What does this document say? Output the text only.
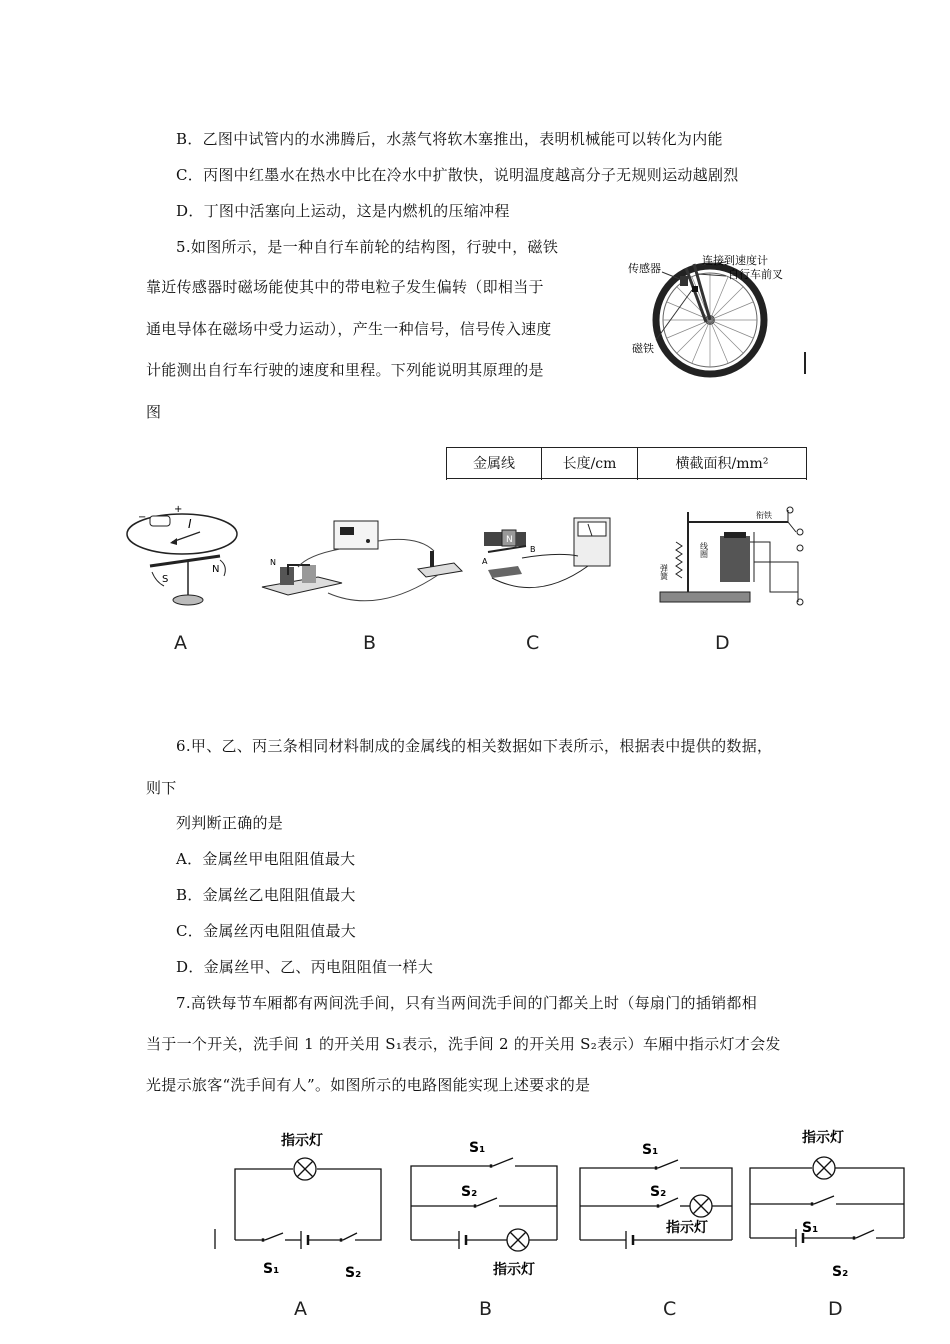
B．乙图中试管内的水沸腾后，水蒸气将软木塞推出，表明机械能可以转化为内能
C．丙图中红墨水在热水中比在冷水中扩散快，说明温度越高分子无规则运动越剧烈
D．丁图中活塞向上运动，这是内燃机的压缩冲程
5.如图所示，是一种自行车前轮的结构图，行驶中，磁铁
靠近传感器时磁场能使其中的带电粒子发生偏转（即相当于
通电导体在磁场中受力运动），产生一种信号，信号传入速度
计能测出自行车行驶的速度和里程。下列能说明其原理的是
图
传感器
连接到速度计
自行车前叉
磁铁
金属线	长度/cm	横截面积/mm²

−
+
I
S
N
N
N
A
B
衔铁
弹簧
线圈
A	B	C	D
6.甲、乙、丙三条相同材料制成的金属线的相关数据如下表所示，根据表中提供的数据，
则下
列判断正确的是
A．金属丝甲电阻阻值最大
B．金属丝乙电阻阻值最大
C．金属丝丙电阻阻值最大
D．金属丝甲、乙、丙电阻阻值一样大
7.高铁每节车厢都有两间洗手间，只有当两间洗手间的门都关上时（每扇门的插销都相
当于一个开关，洗手间 1 的开关用 S₁表示，洗手间 2 的开关用 S₂表示）车厢中指示灯才会发
光提示旅客“洗手间有人”。如图所示的电路图能实现上述要求的是
指示灯
S₁	S₂
S₁
S₂
指示灯
S₁
S₂
指示灯
指示灯
S₁
S₂
A	B	C	D
